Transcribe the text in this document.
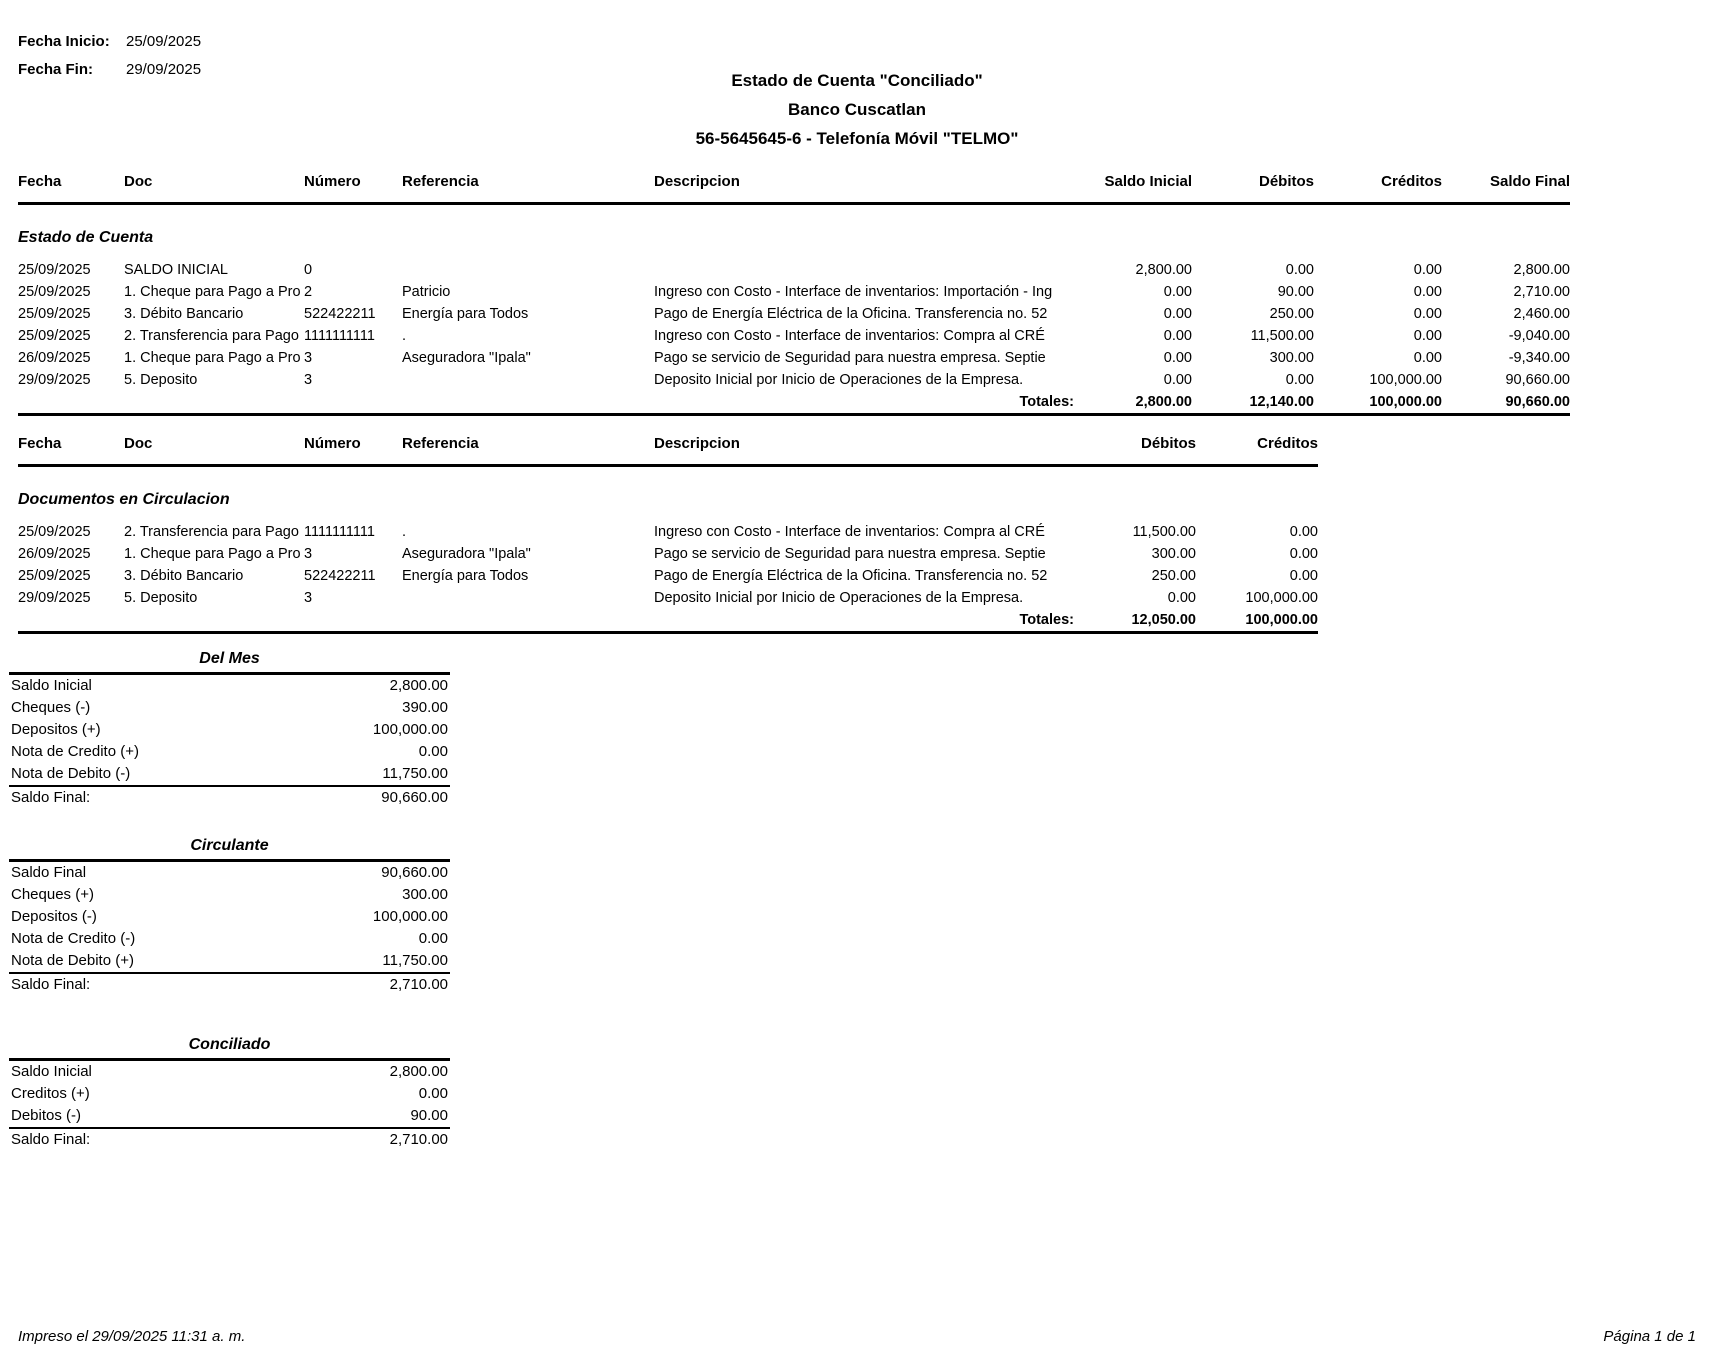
Fecha Inicio:	25/09/2025
Fecha Fin:	29/09/2025
Estado de Cuenta "Conciliado"
Banco Cuscatlan
56-5645645-6 - Telefonía Móvil "TELMO"
Fecha	Doc	Número	Referencia	Descripcion	Saldo Inicial	Débitos	Créditos	Saldo Final

Estado de Cuenta								
25/09/2025	SALDO INICIAL	0			2,800.00	0.00	0.00	2,800.00
25/09/2025	1. Cheque para Pago a Pro	2	Patricio	Ingreso con Costo - Interface de inventarios: Importación - Ing	0.00	90.00	0.00	2,710.00
25/09/2025	3. Débito Bancario	522422211	Energía para Todos	Pago de Energía Eléctrica de la Oficina. Transferencia no. 52	0.00	250.00	0.00	2,460.00
25/09/2025	2. Transferencia para Pago	1111111111	.	Ingreso con Costo - Interface de inventarios: Compra al CRÉ	0.00	11,500.00	0.00	-9,040.00
26/09/2025	1. Cheque para Pago a Pro	3	Aseguradora "Ipala"	Pago se servicio de Seguridad para nuestra empresa. Septie	0.00	300.00	0.00	-9,340.00
29/09/2025	5. Deposito	3		Deposito Inicial por Inicio de Operaciones de la Empresa.	0.00	0.00	100,000.00	90,660.00
Totales:					2,800.00	12,140.00	100,000.00	90,660.00

Fecha	Doc	Número	Referencia	Descripcion	Débitos	Créditos

Documentos en Circulacion						
25/09/2025	2. Transferencia para Pago	1111111111	.	Ingreso con Costo - Interface de inventarios: Compra al CRÉ	11,500.00	0.00
26/09/2025	1. Cheque para Pago a Pro	3	Aseguradora "Ipala"	Pago se servicio de Seguridad para nuestra empresa. Septie	300.00	0.00
25/09/2025	3. Débito Bancario	522422211	Energía para Todos	Pago de Energía Eléctrica de la Oficina. Transferencia no. 52	250.00	0.00
29/09/2025	5. Deposito	3		Deposito Inicial por Inicio de Operaciones de la Empresa.	0.00	100,000.00
Totales:					12,050.00	100,000.00

Del Mes
Saldo Inicial	2,800.00
Cheques (-)	390.00
Depositos (+)	100,000.00
Nota de Credito (+)	0.00
Nota de Debito (-)	11,750.00
Saldo Final:	90,660.00
Circulante
Saldo Final	90,660.00
Cheques (+)	300.00
Depositos (-)	100,000.00
Nota de Credito (-)	0.00
Nota de Debito (+)	11,750.00
Saldo Final:	2,710.00
Conciliado
Saldo Inicial	2,800.00
Creditos (+)	0.00
Debitos (-)	90.00
Saldo Final:	2,710.00
Impreso el 29/09/2025 11:31 a. m.	Página 1 de 1
